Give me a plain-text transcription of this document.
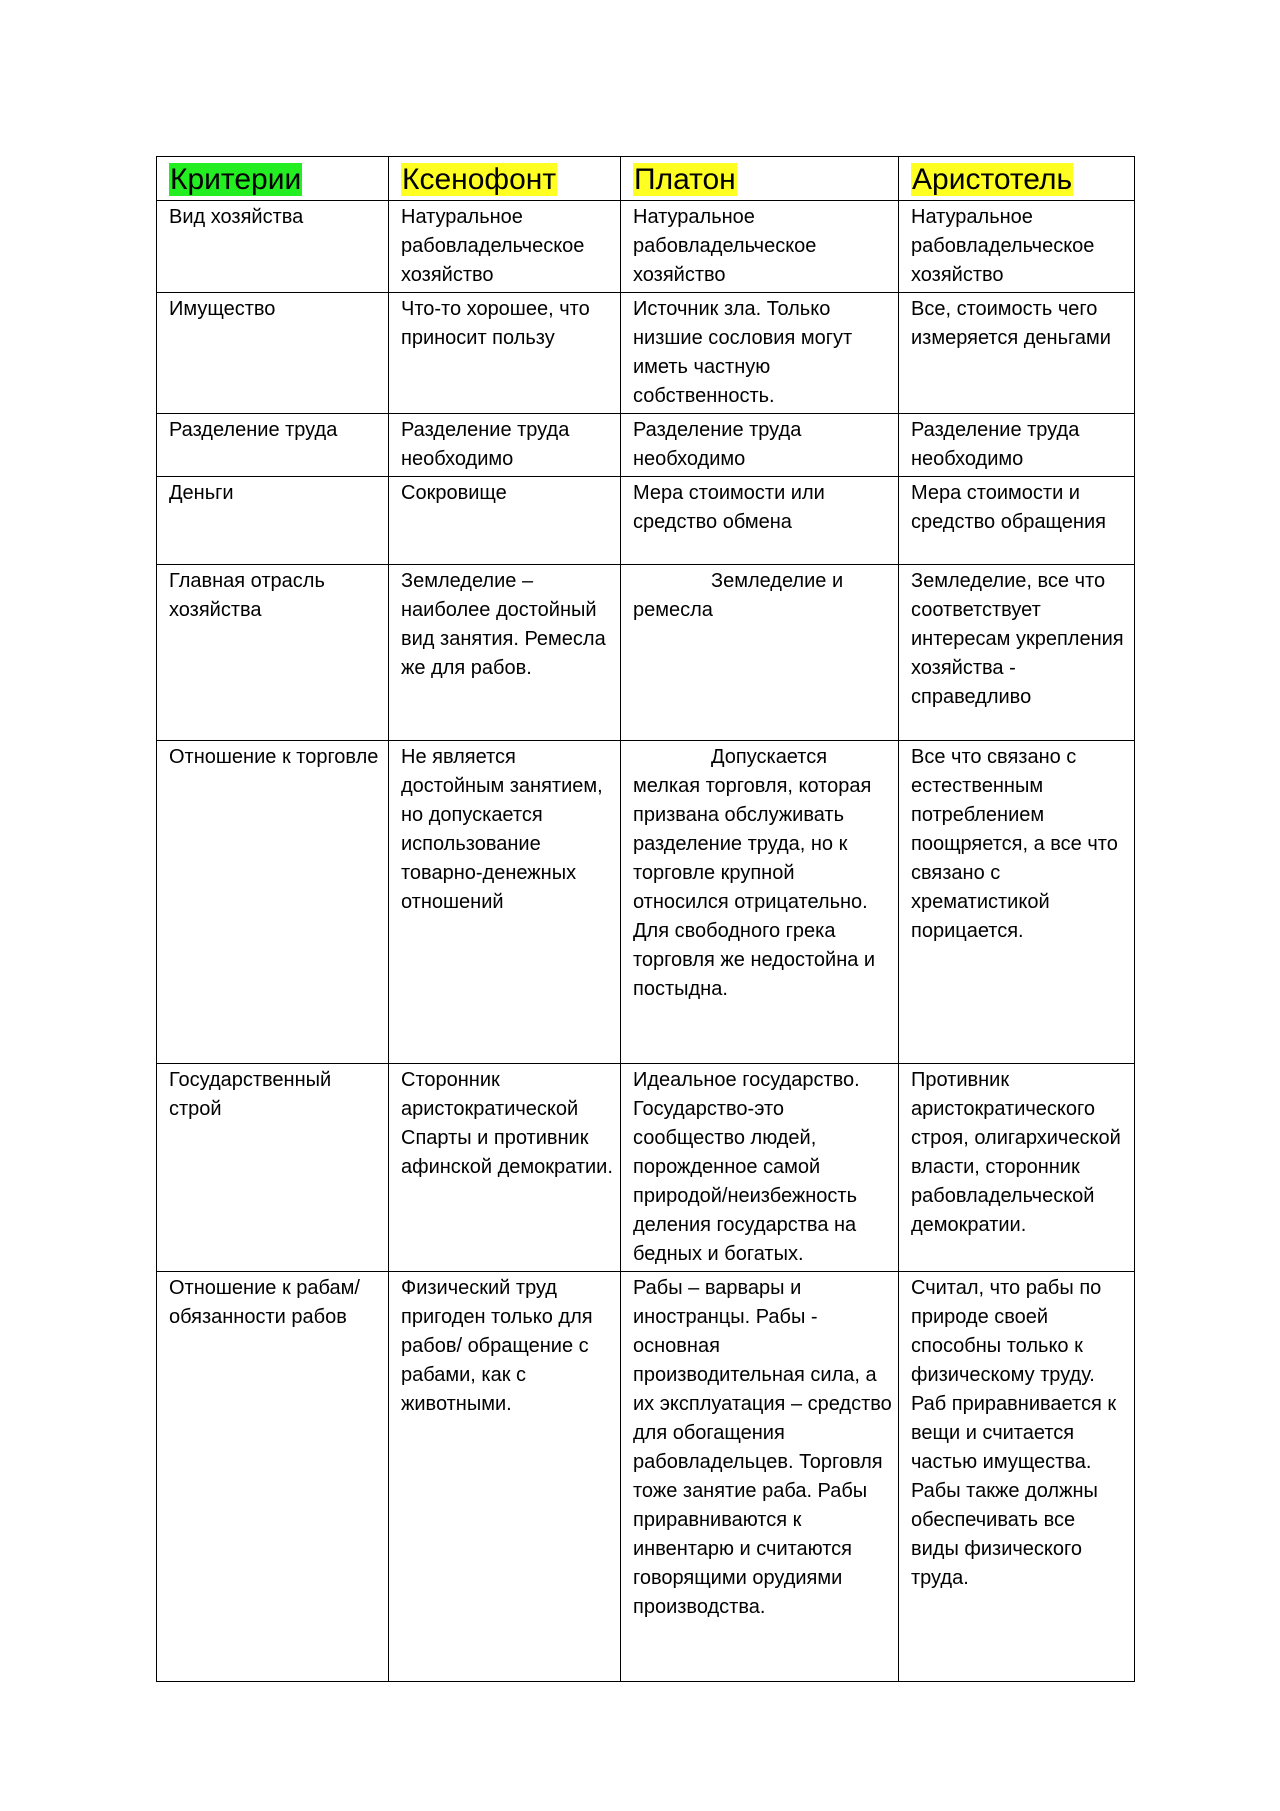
Критерии	Ксенофонт	Платон	Аристотель
Вид хозяйства	Натуральное рабовладельческое хозяйство	Натуральное рабовладельческое хозяйство	Натуральное рабовладельческое хозяйство
Имущество	Что-то хорошее, что приносит пользу	Источник зла. Только низшие сословия могут иметь частную собственность.	Все, стоимость чего измеряется деньгами
Разделение труда	Разделение труда необходимо	Разделение труда необходимо	Разделение труда необходимо
Деньги	Сокровище	Мера стоимости или средство обмена	Мера стоимости и средство обращения
Главная отрасль хозяйства	Земледелие – наиболее достойный вид занятия. Ремесла же для рабов.	Земледелие и ремесла	Земледелие, все что соответствует интересам укрепления хозяйства - справедливо
Отношение к торговле	Не является достойным занятием, но допускается использование товарно-денежных отношений	Допускается мелкая торговля, которая призвана обслуживать разделение труда, но к торговле крупной относился отрицательно. Для свободного грека торговля же недостойна и постыдна.	Все что связано с естественным потреблением поощряется, а все что связано с хрематистикой порицается.
Государственный строй	Сторонник аристократической Спарты и противник афинской демократии.	Идеальное государство. Государство-это сообщество людей, порожденное самой природой/неизбежность деления государства на бедных и богатых.	Противник аристократического строя, олигархической власти, сторонник рабовладельческой демократии.
Отношение к рабам/обязанности рабов	Физический труд пригоден только для рабов/ обращение с рабами, как с животными.	Рабы – варвары и иностранцы. Рабы - основная производительная сила, а их эксплуатация – средство для обогащения рабовладельцев. Торговля тоже занятие раба. Рабы приравниваются к инвентарю и считаются говорящими орудиями производства.	Считал, что рабы по природе своей способны только к физическому труду. Раб приравнивается к вещи и считается частью имущества. Рабы также должны обеспечивать все виды физического труда.
